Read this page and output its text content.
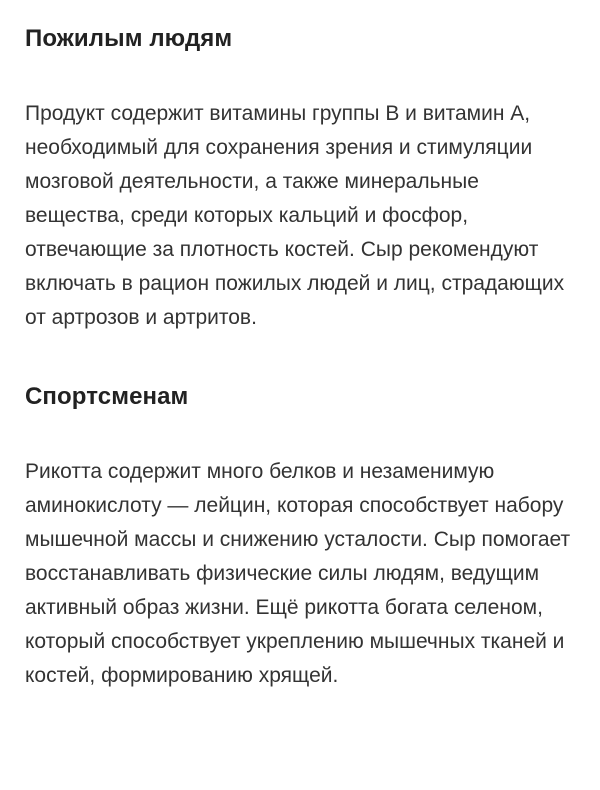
Пожилым людям

Продукт содержит витамины группы В и витамин А, необходимый для сохранения зрения и стимуляции мозговой деятельности, а также минеральные вещества, среди которых кальций и фосфор, отвечающие за плотность костей. Сыр рекомендуют включать в рацион пожилых людей и лиц, страдающих от артрозов и артритов.

Спортсменам

Рикотта содержит много белков и незаменимую аминокислоту — лейцин, которая способствует набору мышечной массы и снижению усталости. Сыр помогает восстанавливать физические силы людям, ведущим активный образ жизни. Ещё рикотта богата селеном, который способствует укреплению мышечных тканей и костей, формированию хрящей.
